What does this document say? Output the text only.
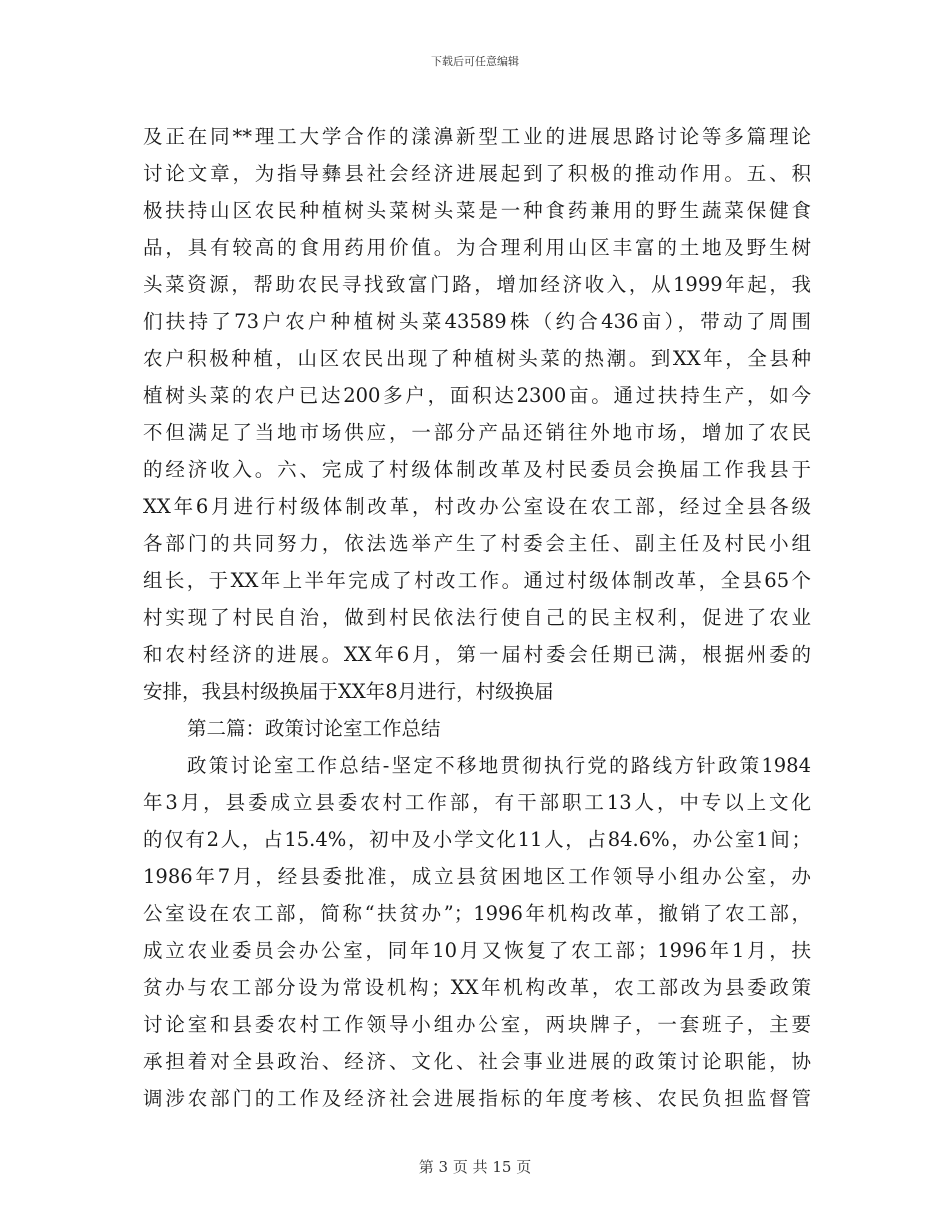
下载后可任意编辑
及正在同**理工大学合作的漾濞新型工业的进展思路讨论等多篇理论
讨论文章，为指导彝县社会经济进展起到了积极的推动作用。五、积
极扶持山区农民种植树头菜树头菜是一种食药兼用的野生蔬菜保健食
品，具有较高的食用药用价值。为合理利用山区丰富的土地及野生树
头菜资源，帮助农民寻找致富门路，增加经济收入，从1999年起，我
们扶持了73户农户种植树头菜43589株（约合436亩），带动了周围
农户积极种植，山区农民出现了种植树头菜的热潮。到XX年，全县种
植树头菜的农户已达200多户，面积达2300亩。通过扶持生产，如今
不但满足了当地市场供应，一部分产品还销往外地市场，增加了农民
的经济收入。六、完成了村级体制改革及村民委员会换届工作我县于
XX年6月进行村级体制改革，村改办公室设在农工部，经过全县各级
各部门的共同努力，依法选举产生了村委会主任、副主任及村民小组
组长，于XX年上半年完成了村改工作。通过村级体制改革，全县65个
村实现了村民自治，做到村民依法行使自己的民主权利，促进了农业
和农村经济的进展。XX年6月，第一届村委会任期已满，根据州委的
安排，我县村级换届于XX年8月进行，村级换届
第二篇：政策讨论室工作总结
政策讨论室工作总结-坚定不移地贯彻执行党的路线方针政策1984
年3月，县委成立县委农村工作部，有干部职工13人，中专以上文化
的仅有2人，占15.4%，初中及小学文化11人，占84.6%，办公室1间；
1986年7月，经县委批准，成立县贫困地区工作领导小组办公室，办
公室设在农工部，简称“扶贫办”；1996年机构改革，撤销了农工部，
成立农业委员会办公室，同年10月又恢复了农工部；1996年1月，扶
贫办与农工部分设为常设机构；XX年机构改革，农工部改为县委政策
讨论室和县委农村工作领导小组办公室，两块牌子，一套班子，主要
承担着对全县政治、经济、文化、社会事业进展的政策讨论职能，协
调涉农部门的工作及经济社会进展指标的年度考核、农民负担监督管
第 3 页 共 15 页
